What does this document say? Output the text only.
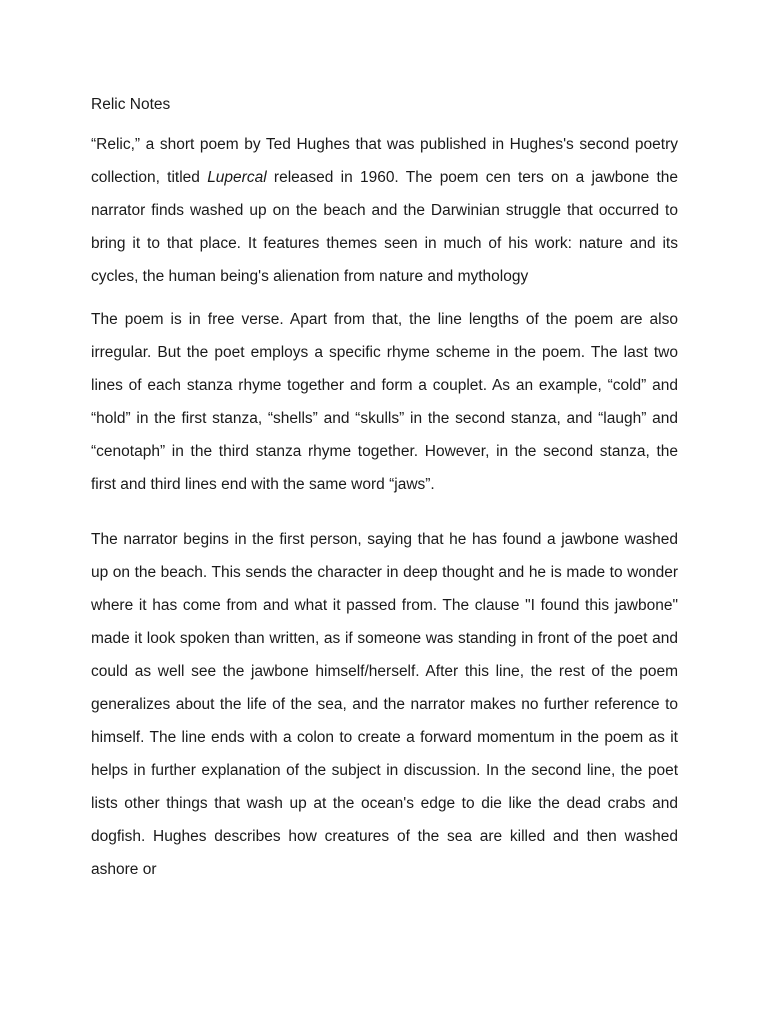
Relic Notes

“Relic,” a short poem by Ted Hughes that was published in Hughes's second poetry collection, titled Lupercal released in 1960. The poem cen ters on a jawbone the narrator finds washed up on the beach and the Darwinian struggle that occurred to bring it to that place. It features themes seen in much of his work: nature and its cycles, the human being's alienation from nature and mythology

The poem is in free verse. Apart from that, the line lengths of the poem are also irregular. But the poet employs a specific rhyme scheme in the poem. The last two lines of each stanza rhyme together and form a couplet. As an example, “cold” and “hold” in the first stanza, “shells” and “skulls” in the second stanza, and “laugh” and “cenotaph” in the third stanza rhyme together. However, in the second stanza, the first and third lines end with the same word “jaws”.

The narrator begins in the first person, saying that he has found a jawbone washed up on the beach. This sends the character in deep thought and he is made to wonder where it has come from and what it passed from. The clause "I found this jawbone" made it look spoken than written, as if someone was standing in front of the poet and could as well see the jawbone himself/herself. After this line, the rest of the poem generalizes about the life of the sea, and the narrator makes no further reference to himself. The line ends with a colon to create a forward momentum in the poem as it helps in further explanation of the subject in discussion. In the second line, the poet lists other things that wash up at the ocean's edge to die like the dead crabs and dogfish. Hughes describes how creatures of the sea are killed and then washed ashore or
